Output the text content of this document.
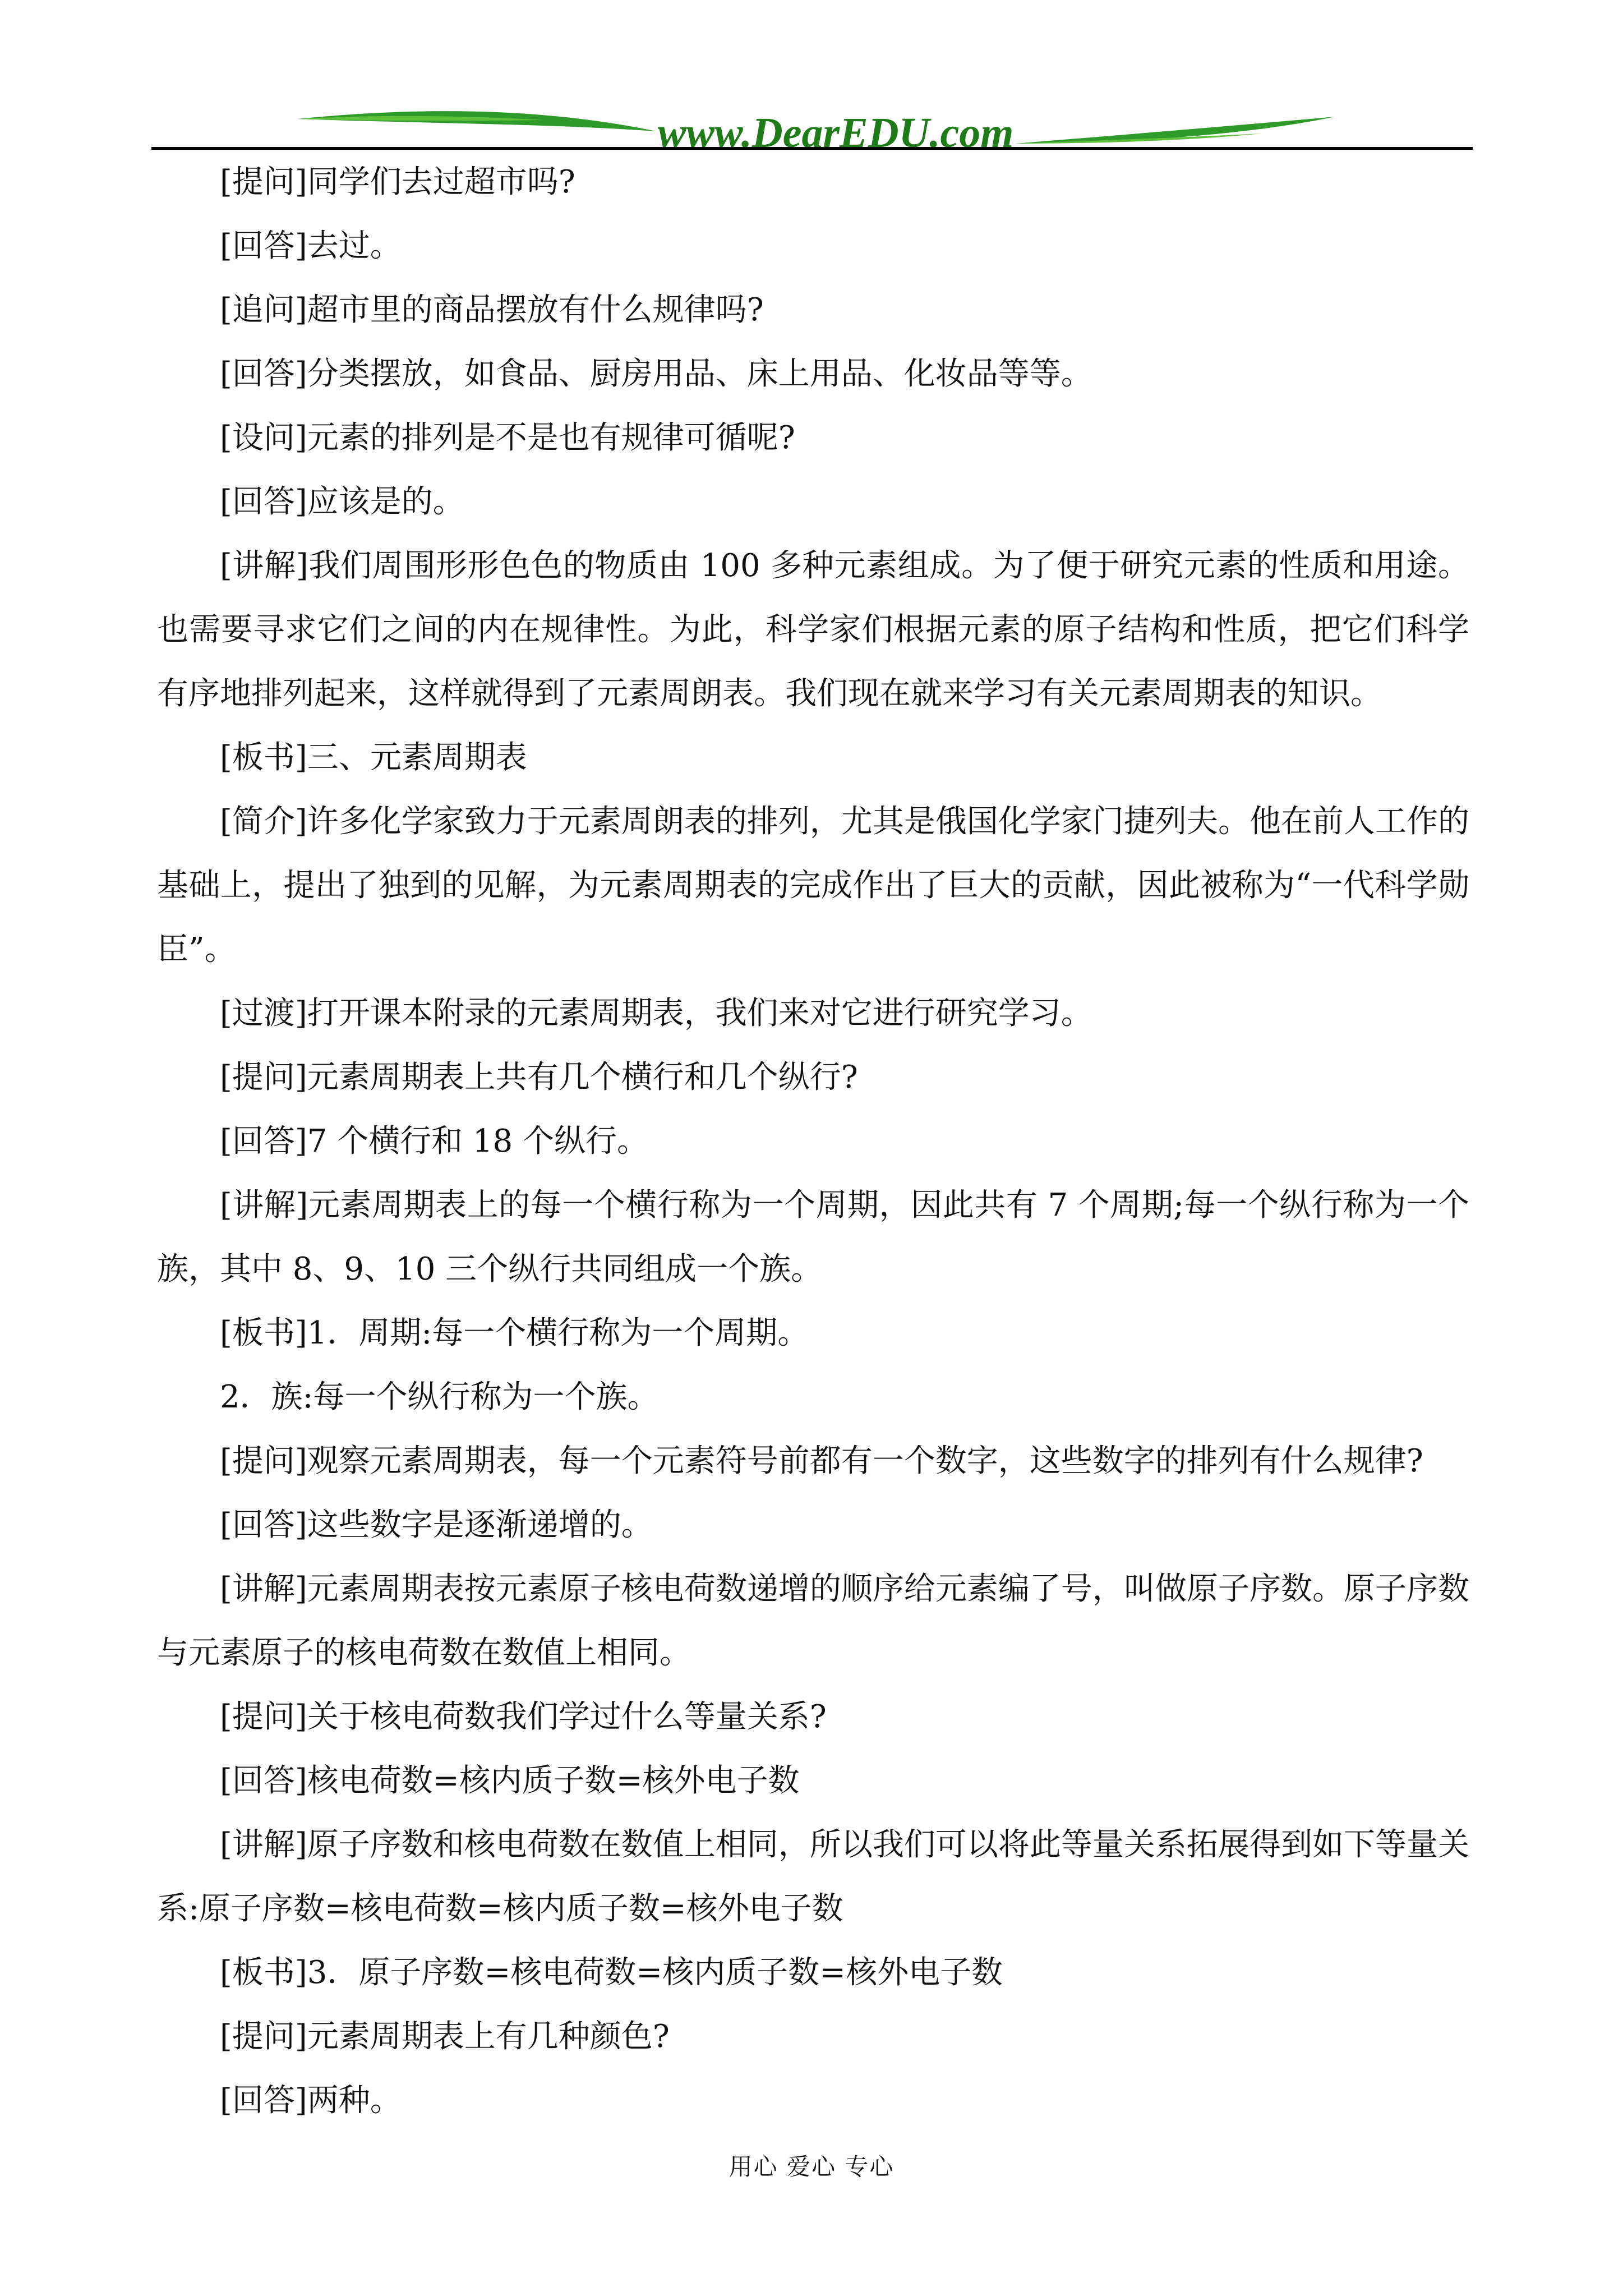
www.DearEDU.com

[提问]同学们去过超市吗?

[回答]去过。

[追问]超市里的商品摆放有什么规律吗?

[回答]分类摆放，如食品、厨房用品、床上用品、化妆品等等。

[设问]元素的排列是不是也有规律可循呢?

[回答]应该是的。

[讲解]我们周围形形色色的物质由 100 多种元素组成。为了便于研究元素的性质和用途。也需要寻求它们之间的内在规律性。为此，科学家们根据元素的原子结构和性质，把它们科学有序地排列起来，这样就得到了元素周朗表。我们现在就来学习有关元素周期表的知识。

[板书]三、元素周期表

[简介]许多化学家致力于元素周朗表的排列，尤其是俄国化学家门捷列夫。他在前人工作的基础上，提出了独到的见解，为元素周期表的完成作出了巨大的贡献，因此被称为“一代科学勋臣”。

[过渡]打开课本附录的元素周期表，我们来对它进行研究学习。

[提问]元素周期表上共有几个横行和几个纵行?

[回答]7 个横行和 18 个纵行。

[讲解]元素周期表上的每一个横行称为一个周期，因此共有 7 个周期;每一个纵行称为一个族，其中 8、9、10 三个纵行共同组成一个族。

[板书]1．周期:每一个横行称为一个周期。

2．族:每一个纵行称为一个族。

[提问]观察元素周期表，每一个元素符号前都有一个数字，这些数字的排列有什么规律?

[回答]这些数字是逐渐递增的。

[讲解]元素周期表按元素原子核电荷数递增的顺序给元素编了号，叫做原子序数。原子序数与元素原子的核电荷数在数值上相同。

[提问]关于核电荷数我们学过什么等量关系?

[回答]核电荷数=核内质子数=核外电子数

[讲解]原子序数和核电荷数在数值上相同，所以我们可以将此等量关系拓展得到如下等量关系:原子序数=核电荷数=核内质子数=核外电子数

[板书]3．原子序数=核电荷数=核内质子数=核外电子数

[提问]元素周期表上有几种颜色?

[回答]两种。

用心 爱心 专心
